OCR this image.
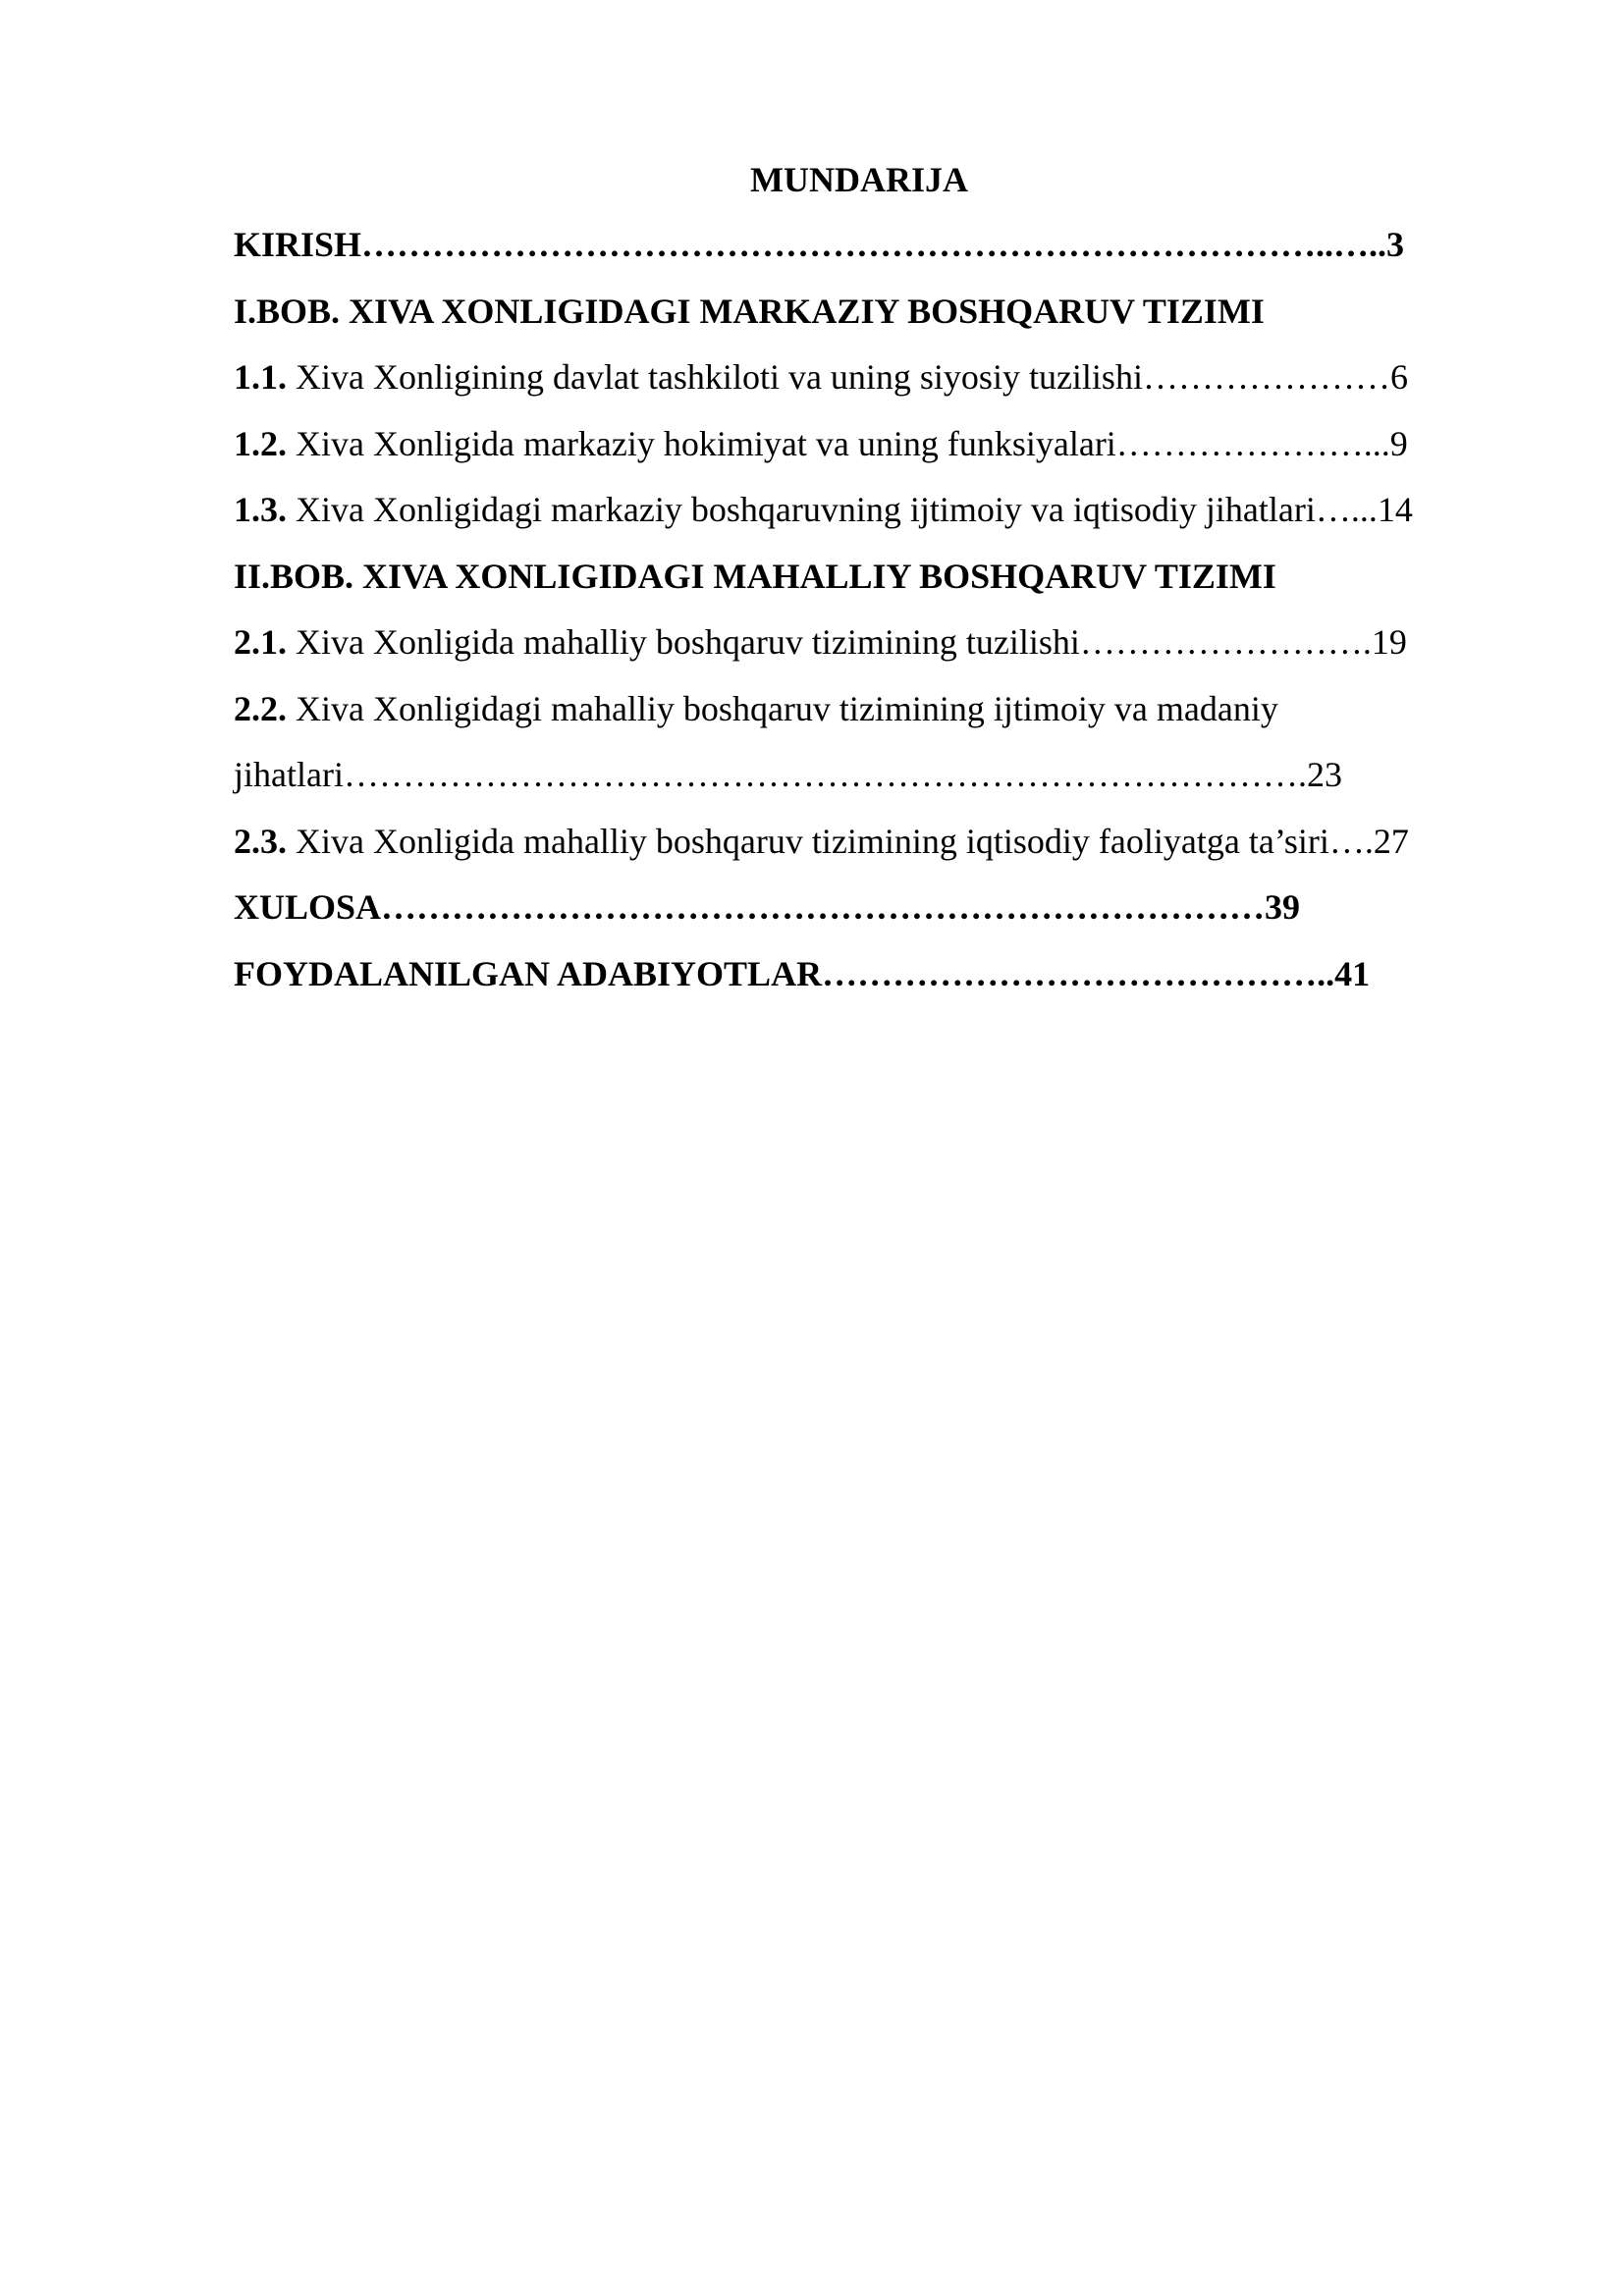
MUNDARIJA
KIRISH………………………………………………………………………..…..3
I.BOB. XIVA XONLIGIDAGI MARKAZIY BOSHQARUV TIZIMI
1.1. Xiva Xonligining davlat tashkiloti va uning siyosiy tuzilishi…………………6
1.2. Xiva Xonligida markaziy hokimiyat va uning funksiyalari…………………...9
1.3. Xiva Xonligidagi markaziy boshqaruvning ijtimoiy va iqtisodiy jihatlari…...14
II.BOB. XIVA XONLIGIDAGI MAHALLIY BOSHQARUV TIZIMI
2.1. Xiva Xonligida mahalliy boshqaruv tizimining tuzilishi…………………….19
2.2. Xiva Xonligidagi mahalliy boshqaruv tizimining ijtimoiy va madaniy
jihatlari……………………………………………………………………….23
2.3. Xiva Xonligida mahalliy boshqaruv tizimining iqtisodiy faoliyatga ta’siri….27
XULOSA…………………………………………………………………39
FOYDALANILGAN ADABIYOTLAR……………………………………..41
